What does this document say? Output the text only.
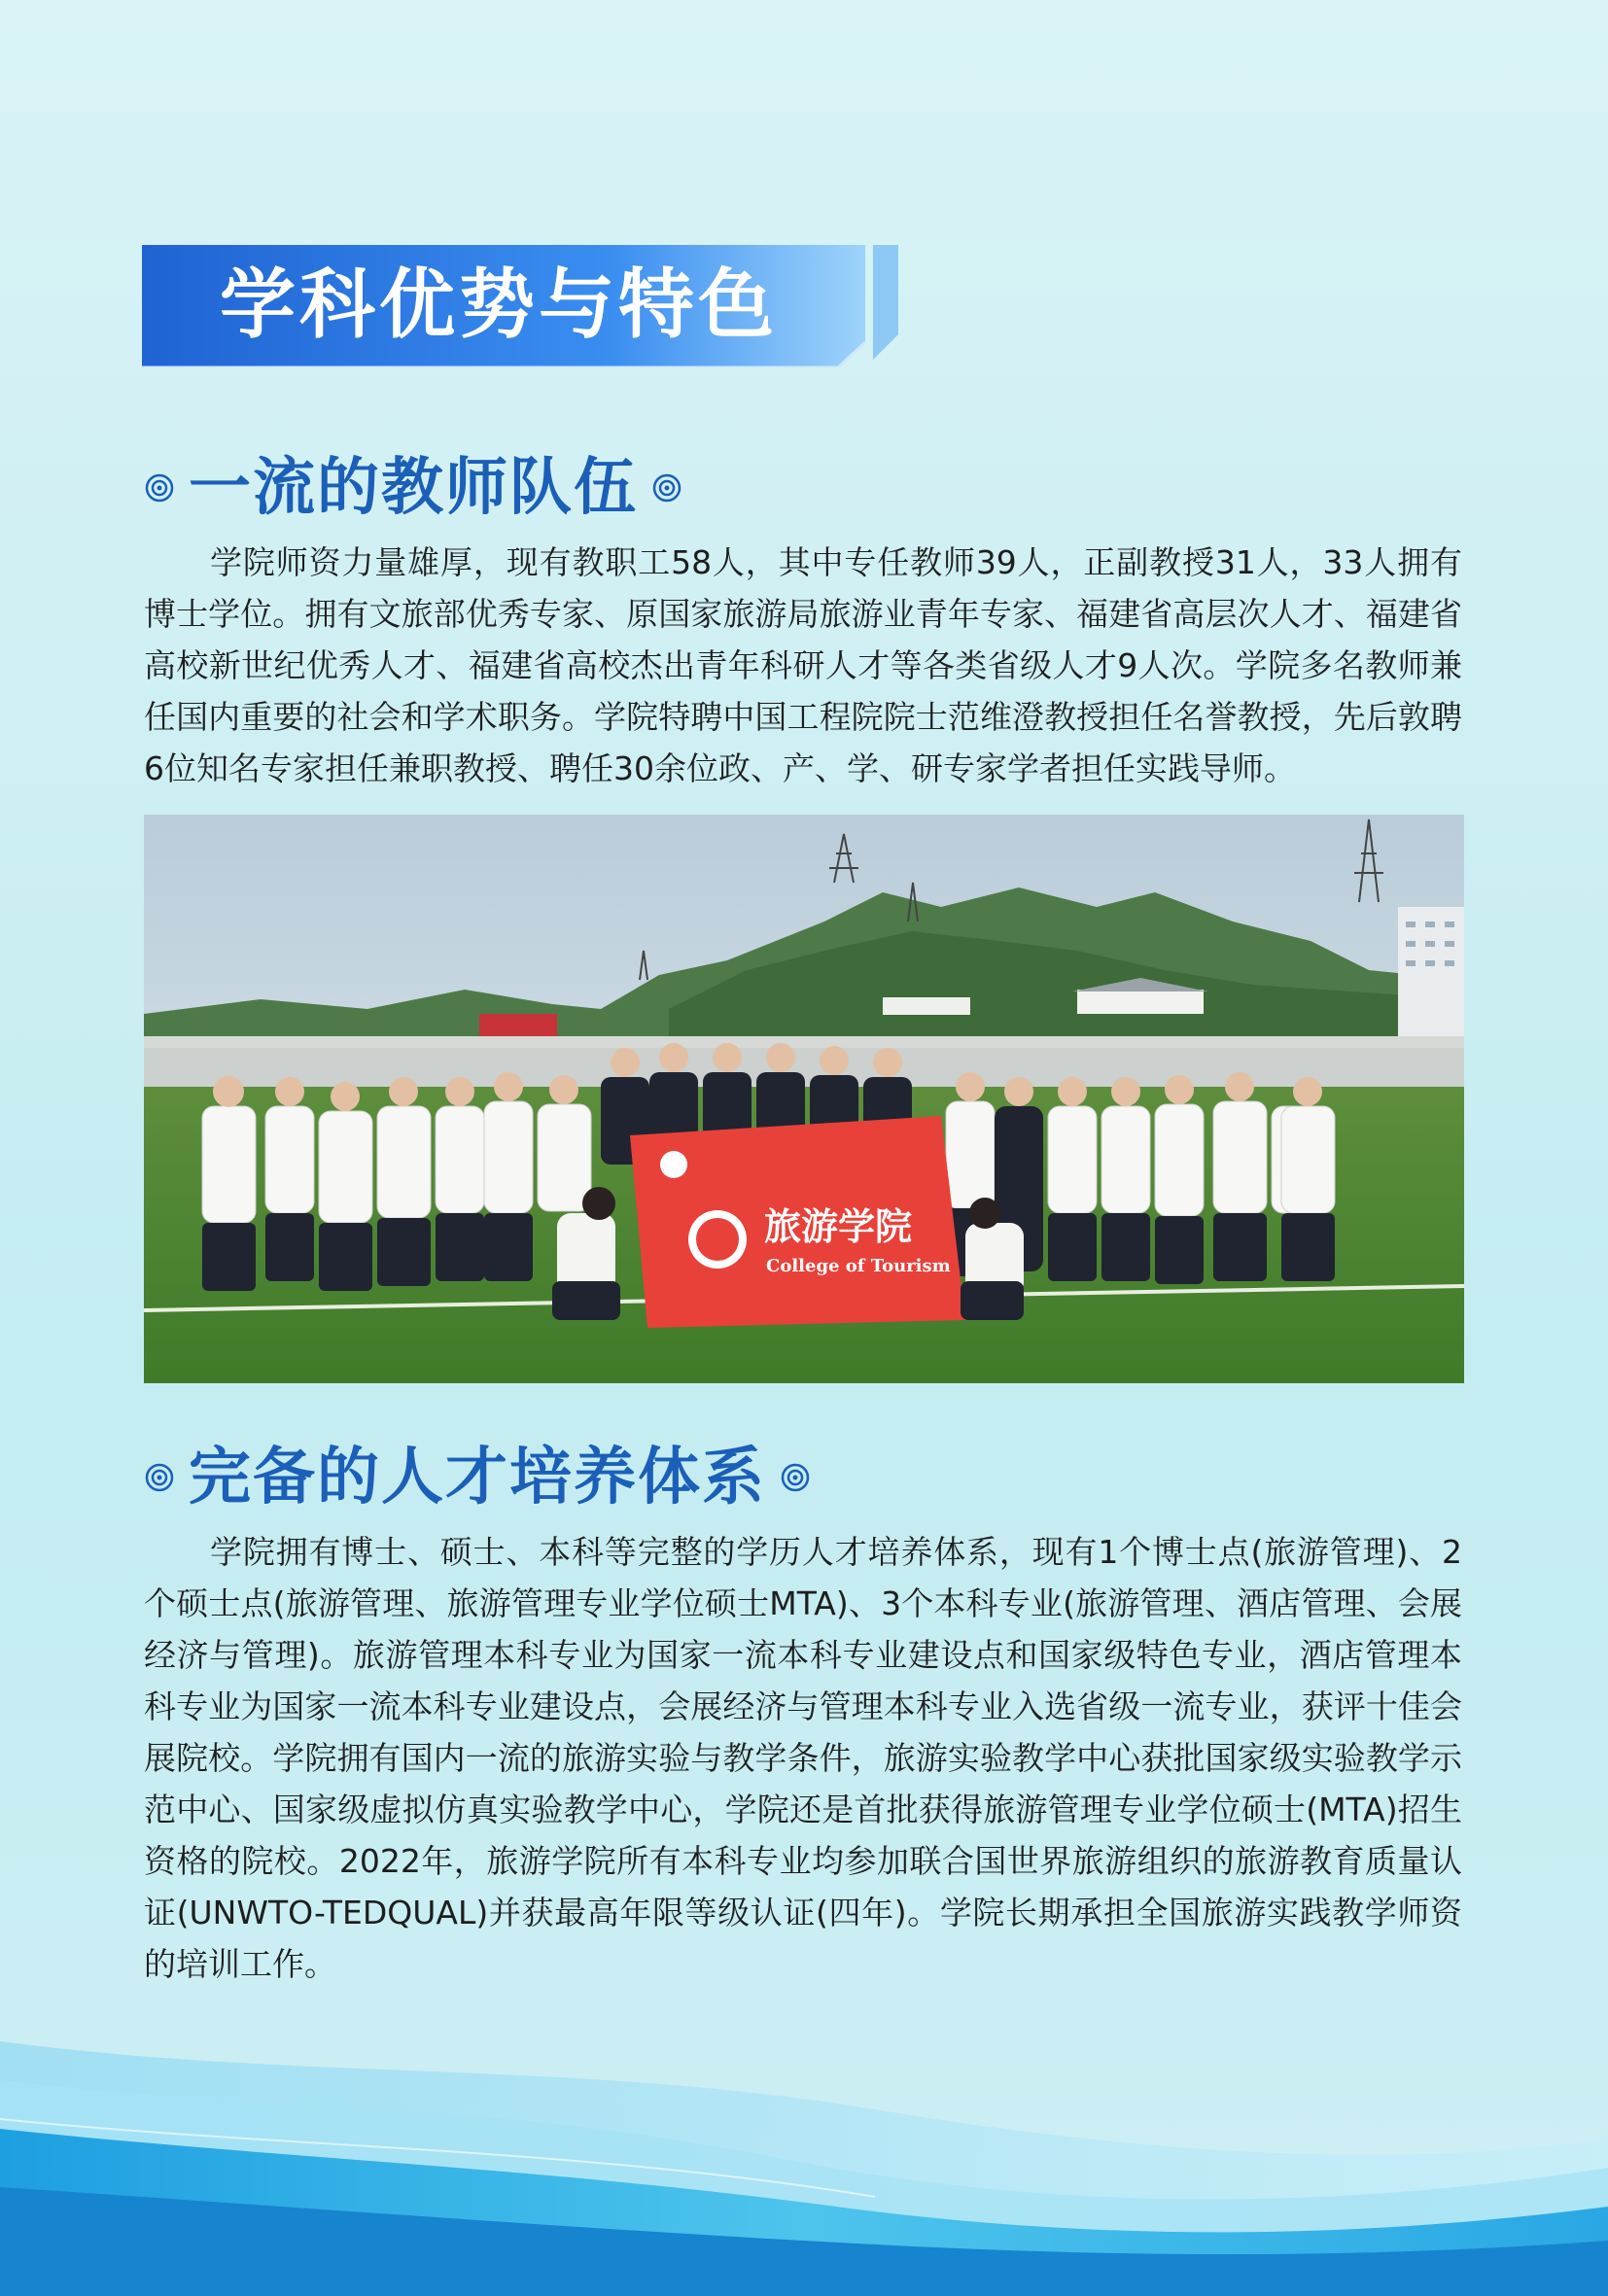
学科优势与特色
一流的教师队伍

学院师资力量雄厚，现有教职工58人，其中专任教师39人，正副教授31人，33人拥有博士学位。拥有文旅部优秀专家、原国家旅游局旅游业青年专家、福建省高层次人才、福建省高校新世纪优秀人才、福建省高校杰出青年科研人才等各类省级人才9人次。学院多名教师兼任国内重要的社会和学术职务。学院特聘中国工程院院士范维澄教授担任名誉教授，先后敦聘6位知名专家担任兼职教授、聘任30余位政、产、学、研专家学者担任实践导师。

旅游学院
College of Tourism
完备的人才培养体系

学院拥有博士、硕士、本科等完整的学历人才培养体系，现有1个博士点(旅游管理)、2个硕士点(旅游管理、旅游管理专业学位硕士MTA)、3个本科专业(旅游管理、酒店管理、会展经济与管理)。旅游管理本科专业为国家一流本科专业建设点和国家级特色专业，酒店管理本科专业为国家一流本科专业建设点，会展经济与管理本科专业入选省级一流专业，获评十佳会展院校。学院拥有国内一流的旅游实验与教学条件，旅游实验教学中心获批国家级实验教学示范中心、国家级虚拟仿真实验教学中心，学院还是首批获得旅游管理专业学位硕士(MTA)招生资格的院校。2022年，旅游学院所有本科专业均参加联合国世界旅游组织的旅游教育质量认证(UNWTO-TEDQUAL)并获最高年限等级认证(四年)。学院长期承担全国旅游实践教学师资的培训工作。
